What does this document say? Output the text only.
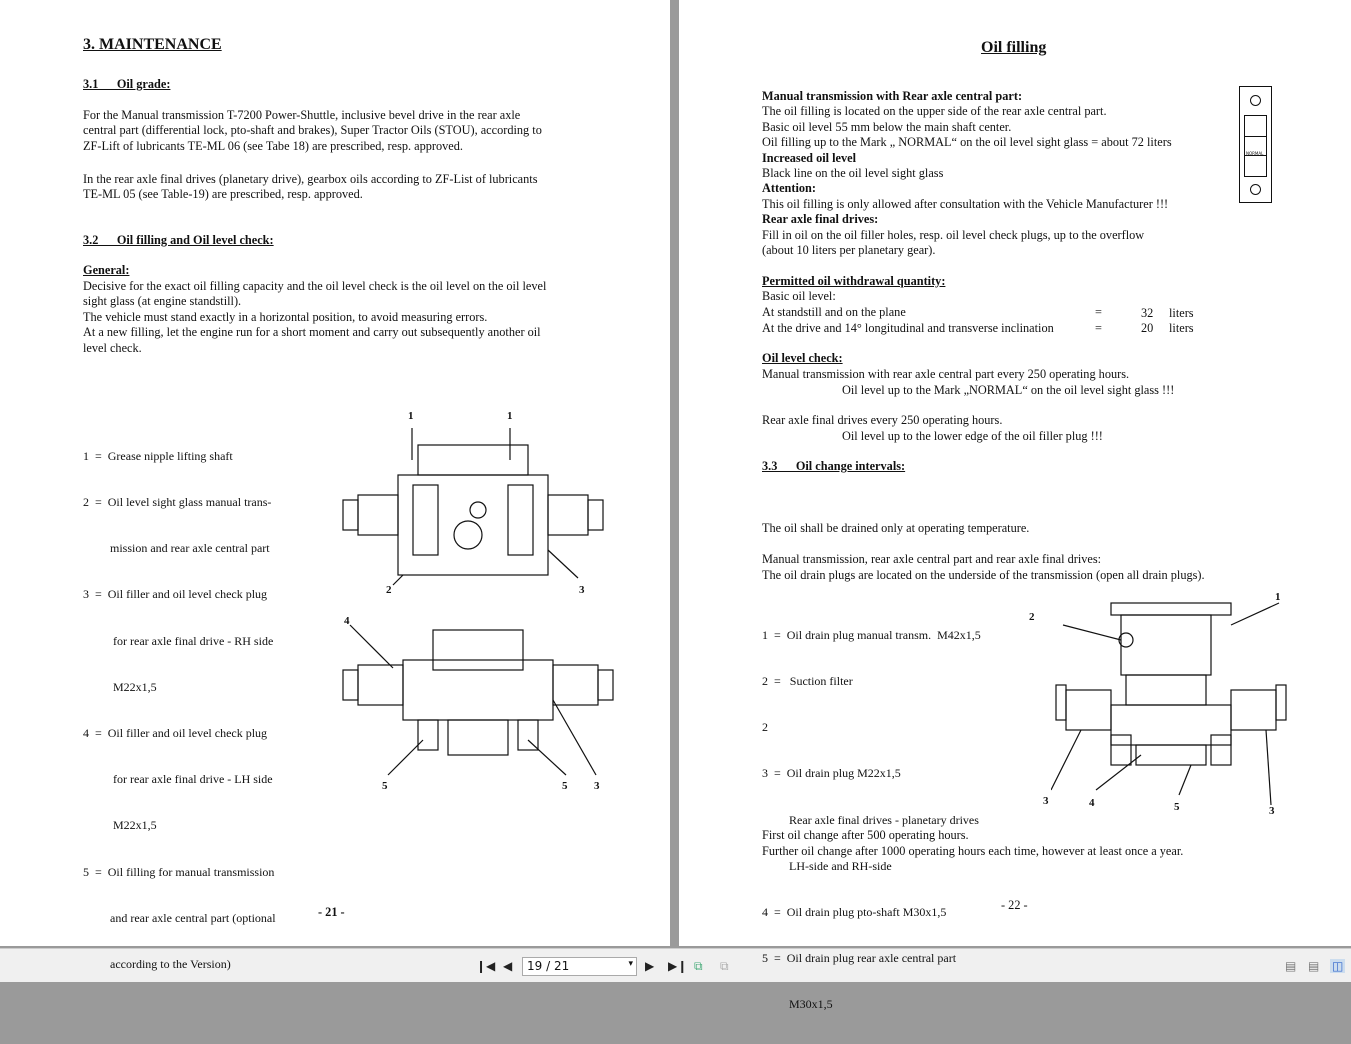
3. MAINTENANCE
3.1      Oil grade:
For the Manual transmission T-7200 Power-Shuttle, inclusive bevel drive in the rear axle
central part (differential lock, pto-shaft and brakes), Super Tractor Oils (STOU), according to
ZF-Lift of lubricants TE-ML 06 (see Tabe 18) are prescribed, resp. approved.
In the rear axle final drives (planetary drive), gearbox oils according to ZF-List of lubricants
TE-ML 05 (see Table-19) are prescribed, resp. approved.
3.2      Oil filling and Oil level check:
General:
Decisive for the exact oil filling capacity and the oil level check is the oil level on the oil level
sight glass (at engine standstill).
The vehicle must stand exactly in a horizontal position, to avoid measuring errors.
At a new filling, let the engine run for a short moment and carry out subsequently another oil
level check.

1  =  Grease nipple lifting shaft

2  =  Oil level sight glass manual trans-

mission and rear axle central part

3  =  Oil filler and oil level check plug

for rear axle final drive - RH side

M22x1,5

4  =  Oil filler and oil level check plug

for rear axle final drive - LH side

M22x1,5

5  =  Oil filling for manual transmission

and rear axle central part (optional

according to the Version)

1	1
2	3
4
5	5 3
- 21 -
Oil filling
Manual transmission with Rear axle central part:
The oil filling is located on the upper side of the rear axle central part.
Basic oil level 55 mm below the main shaft center.
Oil filling up to the Mark „ NORMAL“ on the oil level sight glass = about 72 liters
Increased oil level
Black line on the oil level sight glass
Attention:
This oil filling is only allowed after consultation with the Vehicle Manufacturer !!!
Rear axle final drives:
Fill in oil on the oil filler holes, resp. oil level check plugs, up to the overflow
(about 10 liters per planetary gear).
NORMAL
Permitted oil withdrawal quantity:
Basic oil level:
At standstill and on the plane	=	32 liters
At the drive and 14° longitudinal and transverse inclination	=	20 liters
Oil level check:
Manual transmission with rear axle central part every 250 operating hours.
Oil level up to the Mark „NORMAL“ on the oil level sight glass !!!
Rear axle final drives every 250 operating hours.
Oil level up to the lower edge of the oil filler plug !!!
3.3      Oil change intervals:
The oil shall be drained only at operating temperature.
Manual transmission, rear axle central part and rear axle final drives:
The oil drain plugs are located on the underside of the transmission (open all drain plugs).

1  =  Oil drain plug manual transm.  M42x1,5

2  =   Suction filter

2

3  =  Oil drain plug M22x1,5

Rear axle final drives - planetary drives

LH-side and RH-side

4  =  Oil drain plug pto-shaft M30x1,5

5  =  Oil drain plug rear axle central part

M30x1,5

1
2
3	4	5	3
First oil change after 500 operating hours.
Further oil change after 1000 operating hours each time, however at least once a year.
- 22 -
❙◀ ◀	19 / 21	▾ ▶ ▶❙ ⧉ ⧉	▤ ▤ ◫
